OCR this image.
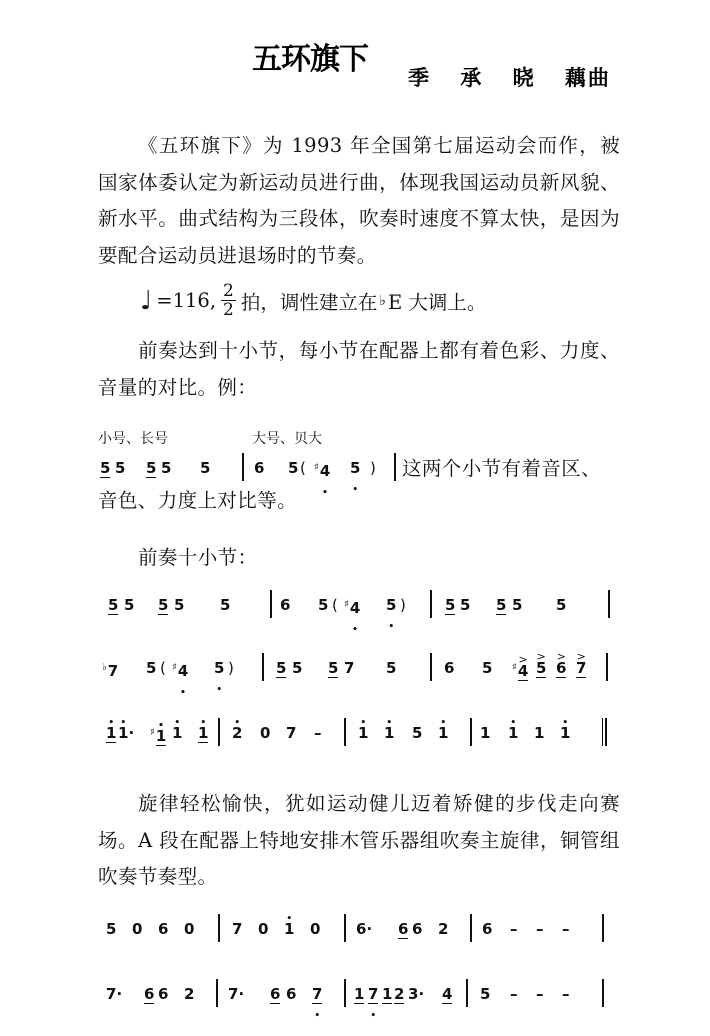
五环旗下
季 承 晓 藕曲

《五环旗下》为 1993 年全国第七届运动会而作，被国家体委认定为新运动员进行曲，体现我国运动员新风貌、新水平。曲式结构为三段体，吹奏时速度不算太快，是因为要配合运动员进退场时的节奏。

♩ =116, $\frac{2}{2}$ 拍，调性建立在 ♭ E 大调上。

前奏达到十小节，每小节在配器上都有着色彩、力度、音量的对比。例：

小号、长号	大号、贝大
5 5 5 5 5	6 5 ( ♯4 • 5 • ) 这两个小节有着音区、

音色、力度上对比等。

前奏十小节：

5 5 5 5 5	6 5 ( ♯4 • 5 • )	5 5 5 5 5
♭7 5 ( ♯4 • 5 • )	5 5 5 7 5	6 5 ♯> 4 > 5 > 6 > 7
• 1 • 1· ♯• 1 • 1 • 1 • 2 0 7 – • 1 • 1 5 • 1 1 • 1 1 • 1

旋律轻松愉快，犹如运动健儿迈着矫健的步伐走向赛场。A 段在配器上特地安排木管乐器组吹奏主旋律，铜管组吹奏节奏型。

5 0 6 0	7 0 • 1 0 6· 6 6 2 6 – – –
7· 6 6 2 7· 6 6 7 • 1 7 • 1 2 3· 4 5 – – –
